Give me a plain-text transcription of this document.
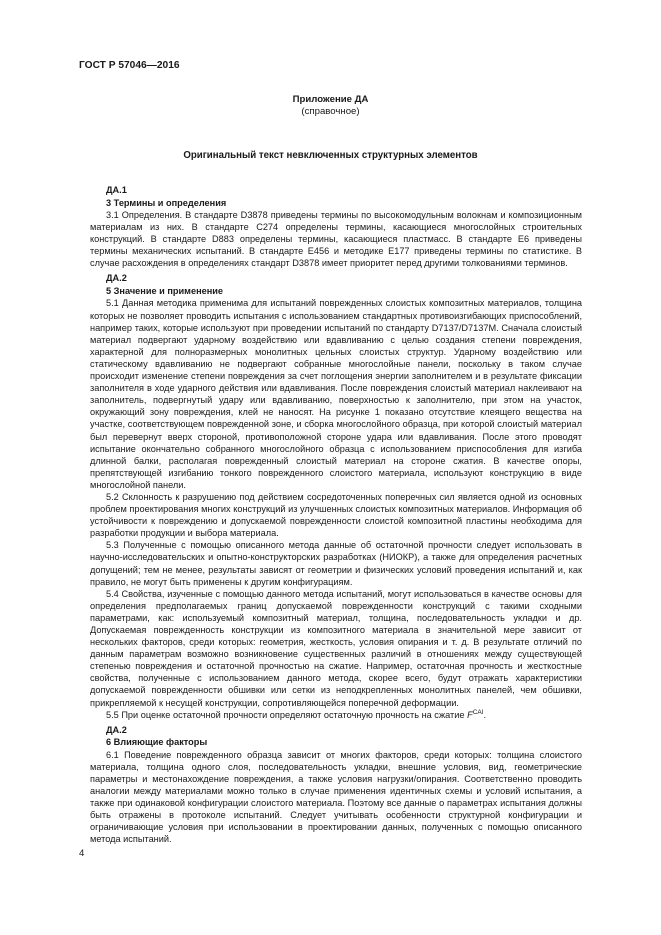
ГОСТ Р 57046—2016
Приложение ДА
(справочное)
Оригинальный текст невключенных структурных элементов
ДА.1
3 Термины и определения

3.1 Определения. В стандарте D3878 приведены термины по высокомодульным волокнам и композиционным материалам из них. В стандарте C274 определены термины, касающиеся многослойных строительных конструкций. В стандарте D883 определены термины, касающиеся пластмасс. В стандарте E6 приведены термины механических испытаний. В стандарте E456 и методике E177 приведены термины по статистике. В случае расхождения в определениях стандарт D3878 имеет приоритет перед другими толкованиями терминов.

ДА.2
5 Значение и применение

5.1 Данная методика применима для испытаний поврежденных слоистых композитных материалов, толщина которых не позволяет проводить испытания с использованием стандартных противоизгибающих приспособлений, например таких, которые используют при проведении испытаний по стандарту D7137/D7137M. Сначала слоистый материал подвергают ударному воздействию или вдавливанию с целью создания степени повреждения, характерной для полноразмерных монолитных цельных слоистых структур. Ударному воздействию или статическому вдавливанию не подвергают собранные многослойные панели, поскольку в таком случае происходит изменение степени повреждения за счет поглощения энергии заполнителем и в результате фиксации заполнителя в ходе ударного действия или вдавливания. После повреждения слоистый материал наклеивают на заполнитель, подвергнутый удару или вдавливанию, поверхностью к заполнителю, при этом на участок, окружающий зону повреждения, клей не наносят. На рисунке 1 показано отсутствие клеящего вещества на участке, соответствующем поврежденной зоне, и сборка многослойного образца, при которой слоистый материал был перевернут вверх стороной, противоположной стороне удара или вдавливания. После этого проводят испытание окончательно собранного многослойного образца с использованием приспособления для изгиба длинной балки, располагая поврежденный слоистый материал на стороне сжатия. В качестве опоры, препятствующей изгибанию тонкого поврежденного слоистого материала, используют конструкцию в виде многослойной панели.

5.2 Склонность к разрушению под действием сосредоточенных поперечных сил является одной из основных проблем проектирования многих конструкций из улучшенных слоистых композитных материалов. Информация об устойчивости к повреждению и допускаемой поврежденности слоистой композитной пластины необходима для разработки продукции и выбора материала.

5.3 Полученные с помощью описанного метода данные об остаточной прочности следует использовать в научно-исследовательских и опытно-конструкторских разработках (НИОКР), а также для определения расчетных допущений; тем не менее, результаты зависят от геометрии и физических условий проведения испытаний и, как правило, не могут быть применены к другим конфигурациям.

5.4 Свойства, изученные с помощью данного метода испытаний, могут использоваться в качестве основы для определения предполагаемых границ допускаемой поврежденности конструкций с такими сходными параметрами, как: используемый композитный материал, толщина, последовательность укладки и др. Допускаемая поврежденность конструкции из композитного материала в значительной мере зависит от нескольких факторов, среди которых: геометрия, жесткость, условия опирания и т. д. В результате отличий по данным параметрам возможно возникновение существенных различий в отношениях между существующей степенью повреждения и остаточной прочностью на сжатие. Например, остаточная прочность и жесткостные свойства, полученные с использованием данного метода, скорее всего, будут отражать характеристики допускаемой поврежденности обшивки или сетки из неподкрепленных монолитных панелей, чем обшивки, прикрепляемой к несущей конструкции, сопротивляющейся поперечной деформации.

5.5 При оценке остаточной прочности определяют остаточную прочность на сжатие $F^{CAI}$.

ДА.2
6 Влияющие факторы

6.1 Поведение поврежденного образца зависит от многих факторов, среди которых: толщина слоистого материала, толщина одного слоя, последовательность укладки, внешние условия, вид, геометрические параметры и местонахождение повреждения, а также условия нагрузки/опирания. Соответственно проводить аналогии между материалами можно только в случае применения идентичных схемы и условий испытания, а также при одинаковой конфигурации слоистого материала. Поэтому все данные о параметрах испытания должны быть отражены в протоколе испытаний. Следует учитывать особенности структурной конфигурации и ограничивающие условия при использовании в проектировании данных, полученных с помощью описанного метода испытаний.

4
